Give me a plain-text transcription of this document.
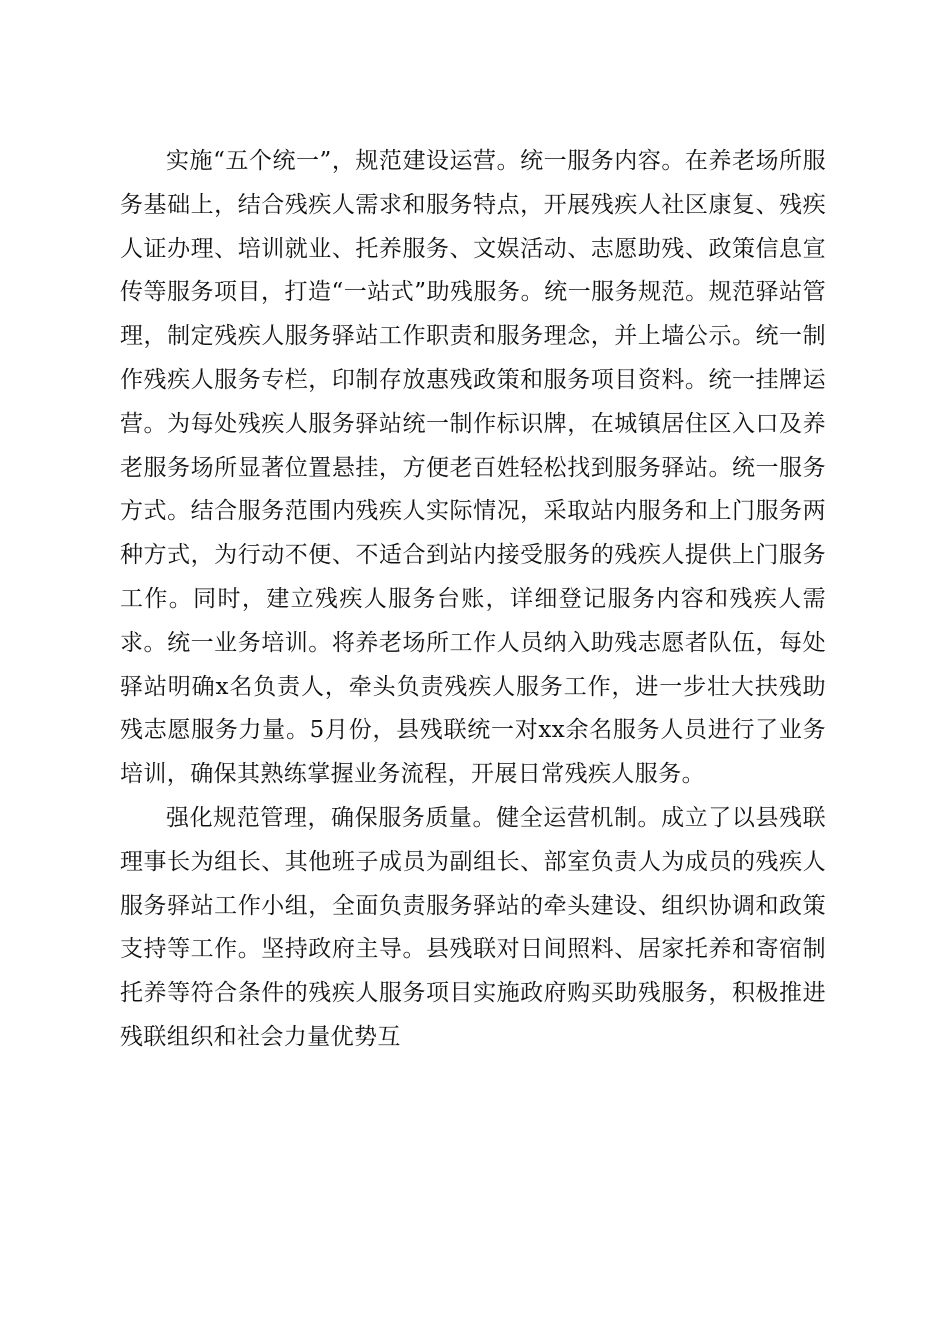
实施“五个统一”，规范建设运营。统一服务内容。在养老场所服务基础上，结合残疾人需求和服务特点，开展残疾人社区康复、残疾人证办理、培训就业、托养服务、文娱活动、志愿助残、政策信息宣传等服务项目，打造“一站式”助残服务。统一服务规范。规范驿站管理，制定残疾人服务驿站工作职责和服务理念，并上墙公示。统一制作残疾人服务专栏，印制存放惠残政策和服务项目资料。统一挂牌运营。为每处残疾人服务驿站统一制作标识牌，在城镇居住区入口及养老服务场所显著位置悬挂，方便老百姓轻松找到服务驿站。统一服务方式。结合服务范围内残疾人实际情况，采取站内服务和上门服务两种方式，为行动不便、不适合到站内接受服务的残疾人提供上门服务工作。同时，建立残疾人服务台账，详细登记服务内容和残疾人需求。统一业务培训。将养老场所工作人员纳入助残志愿者队伍，每处驿站明确x名负责人，牵头负责残疾人服务工作，进一步壮大扶残助残志愿服务力量。5月份，县残联统一对xx余名服务人员进行了业务培训，确保其熟练掌握业务流程，开展日常残疾人服务。

强化规范管理，确保服务质量。健全运营机制。成立了以县残联理事长为组长、其他班子成员为副组长、部室负责人为成员的残疾人服务驿站工作小组，全面负责服务驿站的牵头建设、组织协调和政策支持等工作。坚持政府主导。县残联对日间照料、居家托养和寄宿制托养等符合条件的残疾人服务项目实施政府购买助残服务，积极推进残联组织和社会力量优势互
